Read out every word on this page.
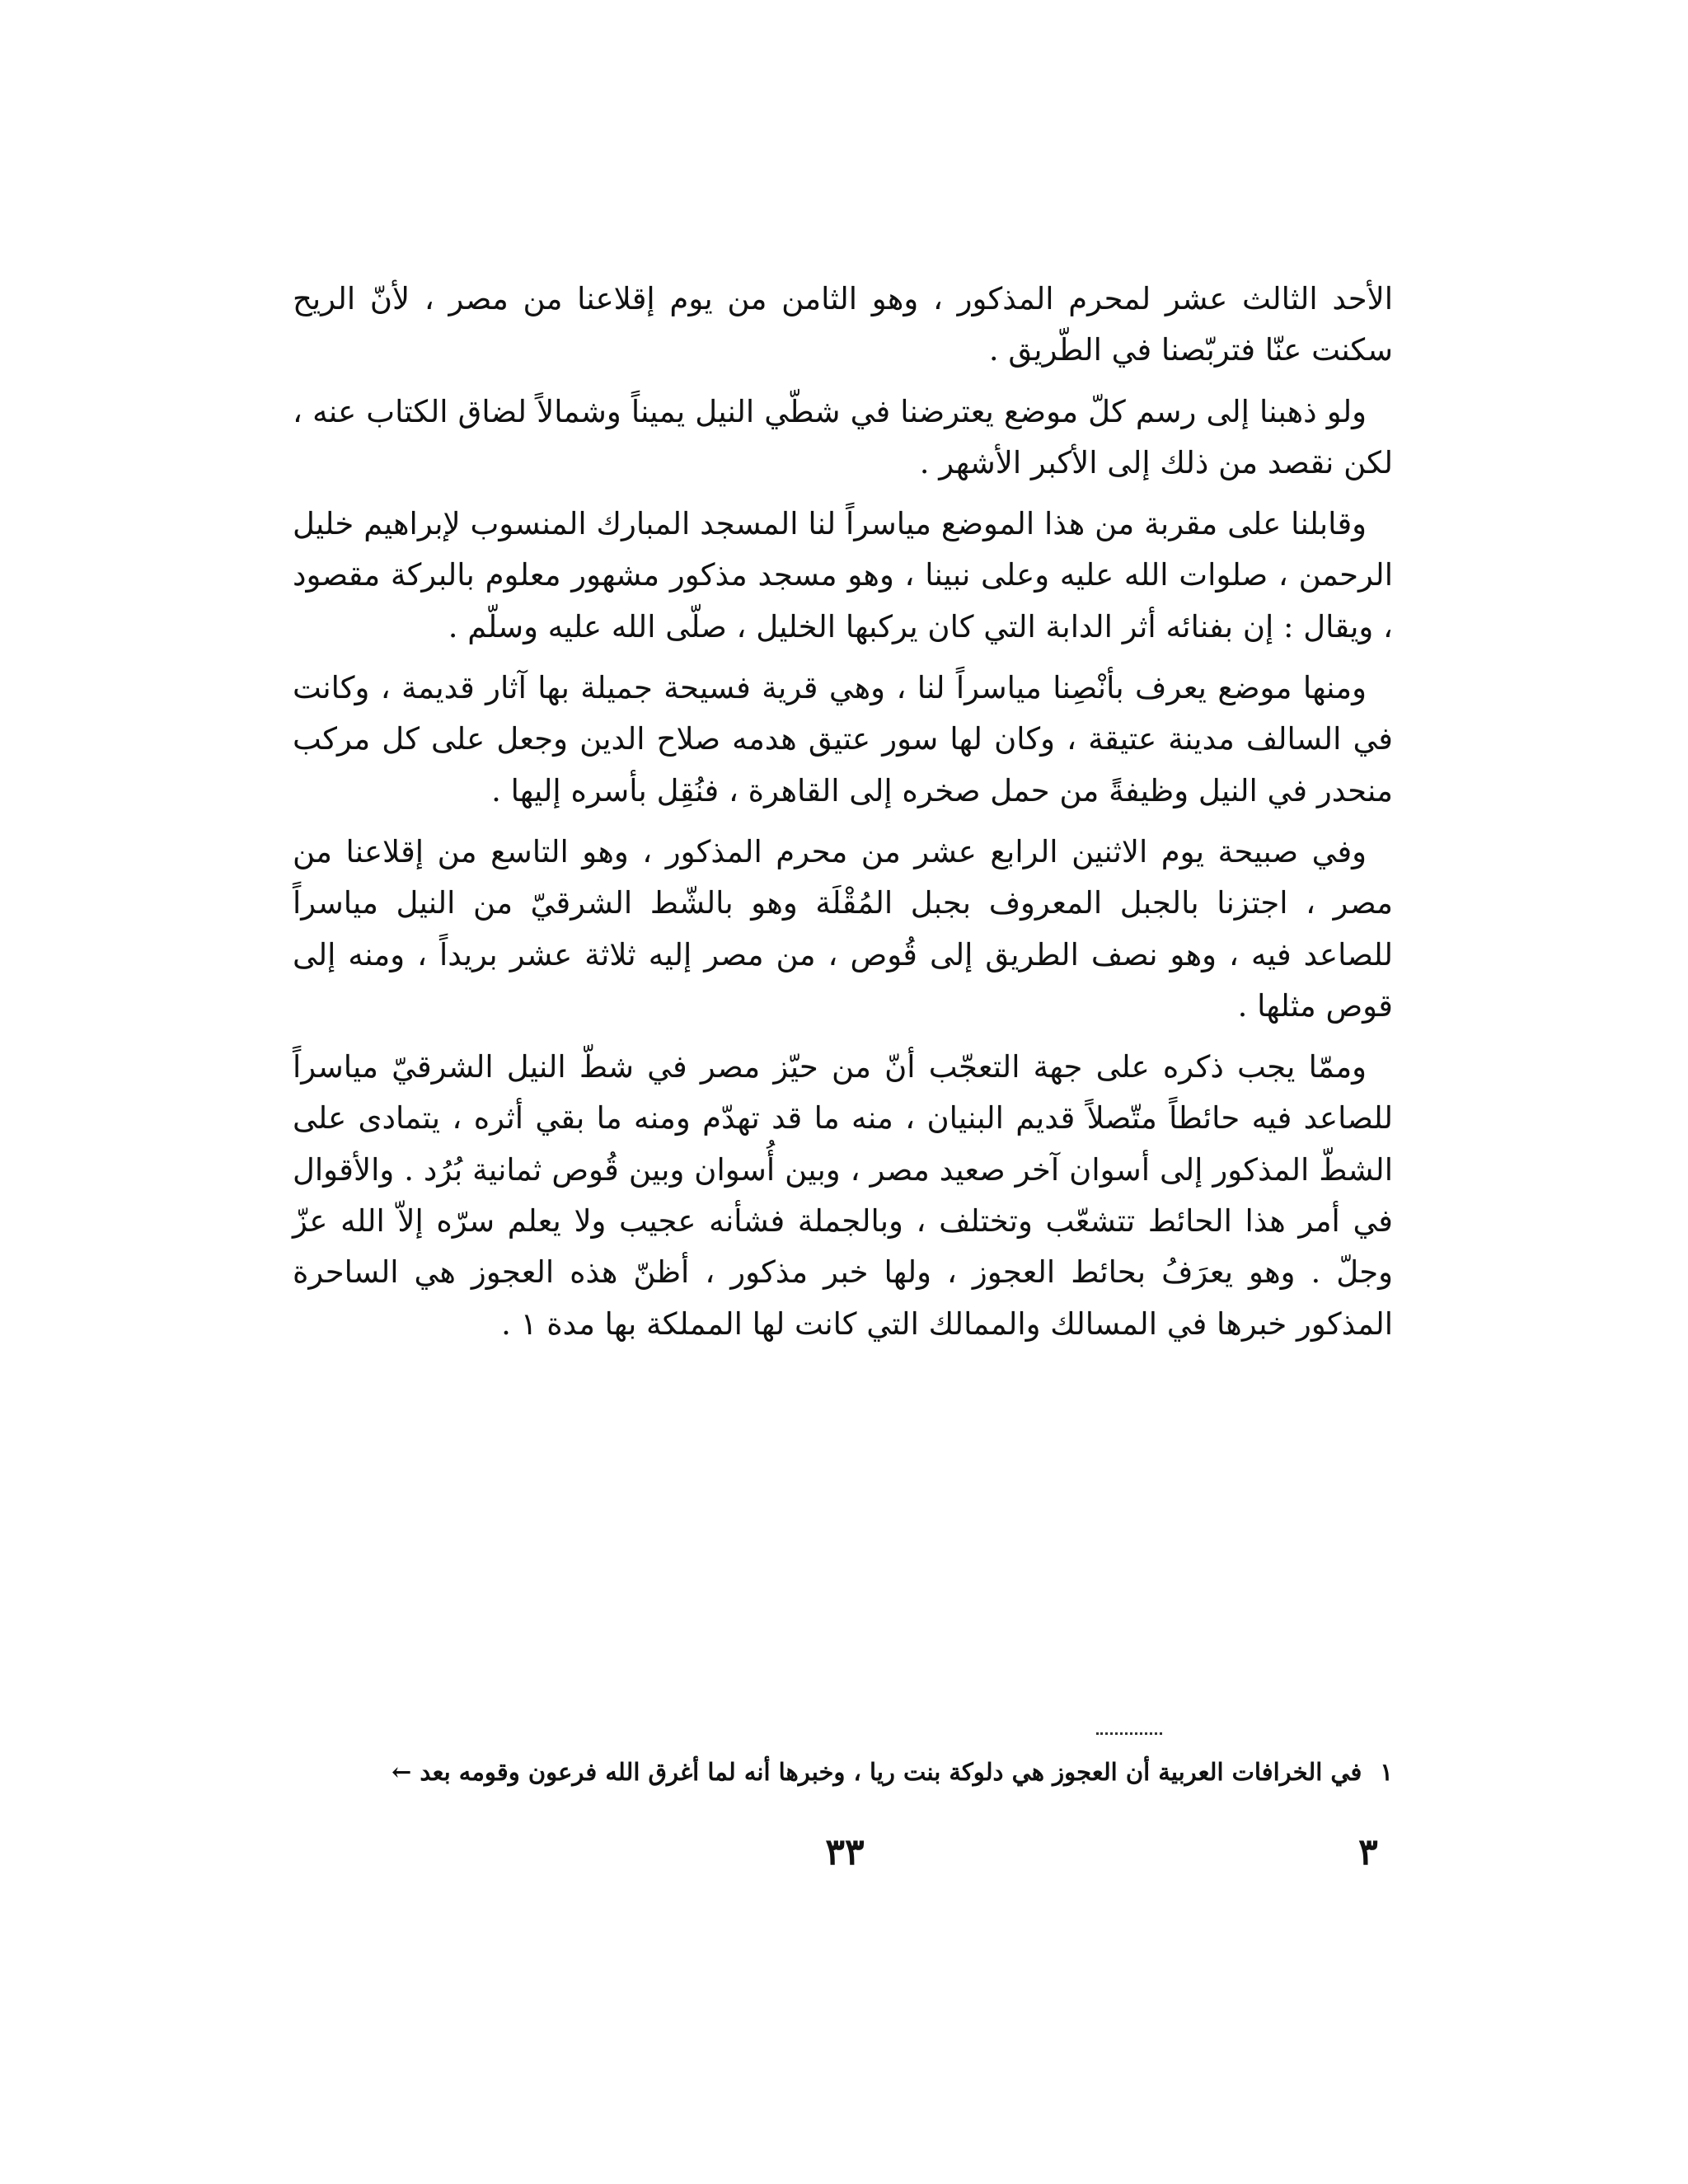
الأحد الثالث عشر لمحرم المذكور ، وهو الثامن من يوم إقلاعنا من مصر ، لأنّ الريح سكنت عنّا فتربّصنا في الطّريق .

ولو ذهبنا إلى رسم كلّ موضع يعترضنا في شطّي النيل يميناً وشمالاً لضاق الكتاب عنه ، لكن نقصد من ذلك إلى الأكبر الأشهر .

وقابلنا على مقربة من هذا الموضع مياسراً لنا المسجد المبارك المنسوب لإبراهيم خليل الرحمن ، صلوات الله عليه وعلى نبينا ، وهو مسجد مذكور مشهور معلوم بالبركة مقصود ، ويقال : إن بفنائه أثر الدابة التي كان يركبها الخليل ، صلّى الله عليه وسلّم .

ومنها موضع يعرف بأنْصِنا مياسراً لنا ، وهي قرية فسيحة جميلة بها آثار قديمة ، وكانت في السالف مدينة عتيقة ، وكان لها سور عتيق هدمه صلاح الدين وجعل على كل مركب منحدر في النيل وظيفةً من حمل صخره إلى القاهرة ، فنُقِل بأسره إليها .

وفي صبيحة يوم الاثنين الرابع عشر من محرم المذكور ، وهو التاسع من إقلاعنا من مصر ، اجتزنا بالجبل المعروف بجبل المُقْلَة وهو بالشّط الشرقيّ من النيل مياسراً للصاعد فيه ، وهو نصف الطريق إلى قُوص ، من مصر إليه ثلاثة عشر بريداً ، ومنه إلى قوص مثلها .

وممّا يجب ذكره على جهة التعجّب أنّ من حيّز مصر في شطّ النيل الشرقيّ مياسراً للصاعد فيه حائطاً متّصلاً قديم البنيان ، منه ما قد تهدّم ومنه ما بقي أثره ، يتمادى على الشطّ المذكور إلى أسوان آخر صعيد مصر ، وبين أُسوان وبين قُوص ثمانية بُرُد . والأقوال في أمر هذا الحائط تتشعّب وتختلف ، وبالجملة فشأنه عجيب ولا يعلم سرّه إلاّ الله عزّ وجلّ . وهو يعرَفُ بحائط العجوز ، ولها خبر مذكور ، أظنّ هذه العجوز هي الساحرة المذكور خبرها في المسالك والممالك التي كانت لها المملكة بها مدة ١ .

١في الخرافات العربية أن العجوز هي دلوكة بنت ريا ، وخبرها أنه لما أغرق الله فرعون وقومه بعد ←
٣٣	٣
